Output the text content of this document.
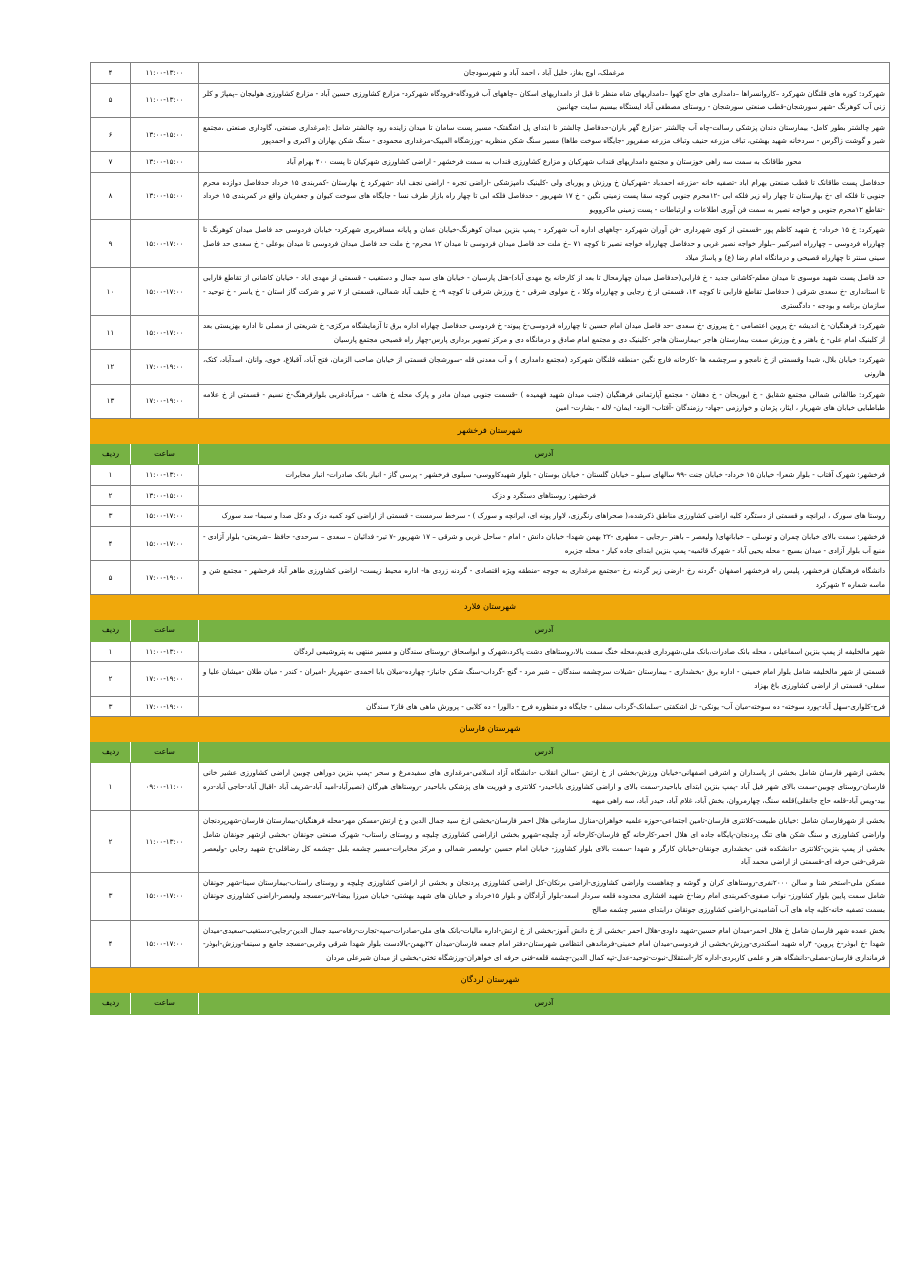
مرغملک، اوج بغاز، خلیل آباد ، احمد آباد و شهرسودجان	۱۱:۰۰-۱۳:۰۰	۴
شهرکرد: کوره های قلنگان شهرکرد –کاروانسراها –دامداری های حاج کهوا –دامداریهای شاه منظر تا قبل از دامداریهای اسکان –چاههای آب فرودگاه-فرودگاه شهرکرد- مزارع کشاورزی حسین آباد - مزارع کشاورزی هولیجان –پمپاژ و کلر زنی آب کوهرنگ -شهر سورشجان-قطب صنعتی سورشجان - روستای مصطفی آباد ایستگاه بیسیم سایت جهانبین	۱۱:۰۰-۱۳:۰۰	۵
شهر چالشتر بطور کامل- بیمارستان دندان پزشکی رسالت-چاه آب چالشتر -مزارع گهر باران-حدفاصل چالشتر تا ابتدای پل اشگفتک- مسیر پست سامان تا میدان زاینده رود چالشتر شامل :(مرغداری صنعتی، گاوداری صنعتی ،مجتمع شیر و گوشت زاگرس - سردخانه شهید بهشتی، تباف مزرعه حنیف وتباف مزرعه صفرپور -جایگاه سوخت طاها) مسیر سنگ شکن منظریه -ورزشگاه المپیک-مرغداری محمودی - سنگ شکن بهاران و اکبری و احمدپور	۱۳:۰۰-۱۵:۰۰	۶
محور طاقانک به سمت سه راهی خوزستان و مجتمع دامداریهای قنداب شهرکیان و مزارع کشاورزی قنداب به سمت فرخشهر - اراضی کشاورزی شهرکیان تا پست ۴۰۰ بهرام آباد	۱۳:۰۰-۱۵:۰۰	۷
حدفاصل پست طاقانک تا قطب صنعتی بهرام اباد -تصفیه خانه -مزرعه احمدباد -شهرکیان خ ورزش و پوربای ولی -کلینیک دامپزشکی -اراضی تجره - اراضی نجف اباد -شهرکرد خ بهارستان -کمربندی ۱۵ خرداد حدفاصل دوازده محرم جنوبی تا فلکه ای -خ بهارستان تا چهار راه زیر فلکه ابی -۱۲محرم جنوبی کوچه سقا پست زمینی نگین - خ ۱۷ شهریور - حدفاصل فلکه ابی تا چهار راه بازار طرف نسا - جایگاه های سوخت کیوان و جعفریان واقع در کمربندی ۱۵ خرداد -تقاطع ۱۲محرم جنوبی و خواجه نصیر به سمت فن آوری اطلاعات و ارتباطات - پست زمینی ماکروویو	۱۳:۰۰-۱۵:۰۰	۸
شهرکرد: خ ۱۵ خرداد- خ شهید کاظم پور -قسمتی از کوی شهرداری -فن آوران شهرکرد -چاههای اداره آب شهرکرد - پمپ بنزین میدان کوهرنگ-خیابان عمان و پایانه مسافربری شهرکرد- خیابان فردوسی حد فاصل میدان کوهرنگ تا چهارراه فردوسی – چهارراه امیرکبیر –بلوار خواجه نصیر غربی و حدفاصل چهارراه خواجه نصیر تا کوچه ۷۱ –خ ملت حد فاصل میدان فردوسی تا میدان ۱۲ محرم- خ ملت حد فاصل میدان فردوسی تا میدان بوعلی - خ سعدی حد فاصل سینی سنتر تا چهارراه قصیحی و درمانگاه امام رضا (ع) و پاساژ میلاد	۱۵:۰۰-۱۷:۰۰	۹
حد فاصل پست شهید موسوی تا میدان معلم-کاشانی جدید - خ فارابی(حدفاصل میدان چهارمحال تا بعد از کارخانه یخ مهدی آباد)-هتل پارسیان - خیابان های سید جمال و دستغیب - قسمتی از مهدی اباد - خیابان کاشانی از تقاطع فارابی تا استانداری -خ سعدی شرقی ( حدفاصل تقاطع فارابی تا کوچه ۱۴، قسمتی از خ رجایی و چهارراه وکلا ، خ مولوی شرقی - خ ورزش شرقی تا کوچه ۹- خ خلیف آباد شمالی، قسمتی از ۷ تیر و شرکت گاز استان - خ یاسر - خ توحید - سازمان برنامه و بودجه - دادگستری	۱۵:۰۰-۱۷:۰۰	۱۰
شهرکرد: فرهنگیان- خ اندیشه -خ پروین اعتصامی - خ پیروزی -خ سعدی -حد فاصل میدان امام حسین تا چهارراه فردوسی-خ پیوند- خ فردوسی حدفاصل چهاراه اداره برق تا آزمایشگاه مرکزی- خ شریعتی از مصلی تا اداره بهزیستی بعد از کلینیک امام علی- خ باهنر و خ ورزش سمت بیمارستان هاجر -بیمارستان هاجر -کلینیک دی و مجتمع امام صادق و درمانگاه دی و مرکز تصویر برداری پارس-چهار راه قصیحی مجتمع پارسیان	۱۵:۰۰-۱۷:۰۰	۱۱
شهرکرد: خیابان بلال، شیدا وقسمتی از خ نامجو و سرچشمه ها -کارخانه فارچ نگین -منطقه قلنگان شهرکرد (مجتمع دامداری ) و آب معدنی قله -سورشجان قسمتی از خیابان صاحب الزمان، فتح آباد، آقبلاغ، خوی، وانان، اسدآباد، کتک، هارونی	۱۷:۰۰-۱۹:۰۰	۱۲
شهرکرد: طالقانی شمالی مجتمع شقایق - خ ابوریحان - خ دهقان - مجتمع آپارتمانی فرهنگیان (جنب میدان شهید فهمیده ) -قسمت جنوبی میدان مادر و پارک محله خ هاتف - میرآبادغربی بلوارفرهنگ-خ نسیم - قسمتی از خ علامه طباطبایی خیابان های شهریار ، ایثار، پژمان و خوارزمی -جهاد- رزمندگان -آفتاب- الوند- ایمان- لاله - بشارت- امین	۱۷:۰۰-۱۹:۰۰	۱۳
شهرستان فرخشهر		
آدرس	ساعت	ردیف
فرخشهر: شهرک آفتاب - بلوار شعرا- خیابان ۱۵ خرداد- خیابان جنت -۹۹ سالهای سیلو – خیابان گلستان - خیابان بوستان - بلوار شهیدکاووسی- سیلوی فرخشهر - پرسی گاز - انبار بانک صادرات- انبار مخابرات	۱۱:۰۰-۱۳:۰۰	۱
فرخشهر: روستاهای دستگرد و دزک	۱۳:۰۰-۱۵:۰۰	۲
روستا های سورک ، ایرانچه و قسمتی از دستگرد کلیه اراضی کشاورزی مناطق ذکرشده،( صحراهای رنگرزی، لاوار پونه ای، ایرانچه و سورک ) - سرخط سرمست - قسمتی از اراضی کود کمبه دزک و دکل صدا و سیما- سد سورک	۱۵:۰۰-۱۷:۰۰	۳
فرخشهر: سمت بالای خیابان چمران و توسلی – خیابانهای( ولیعصر – باهنر –رجایی – مطهری -۲۲ بهمن شهدا- خیابان دانش - امام - ساحل غربی و شرقی – ۱۷ شهریور -۷ تیر- فدائیان – سعدی – سرحدی- حافظ –شریعتی- بلوار آزادی - منبع آب بلوار آزادی - میدان بسیج - محله یحیی آباد - شهرک قائمیه- پمپ بنزین ابتدای جاده کیار - محله جزیره	۱۵:۰۰-۱۷:۰۰	۴
دانشگاه فرهنگیان فرخشهر، پلیس راه فرخشهر اصفهان -گردنه رخ -ارضی زیر گردنه رخ -مجتمع مرغداری به جوجه -منطقه ویژه اقتصادی - گردنه زردی ها- اداره محیط زیست- اراضی کشاورزی طاهر آباد فرخشهر - مجتمع شن و ماسه شماره ۲ شهرکرد	۱۷:۰۰-۱۹:۰۰	۵
شهرستان فلارد		
آدرس	ساعت	ردیف
شهر مالخلیفه از پمپ بنزین اسماعیلی ، محله بانک صادرات،بانک ملی،شهرداری قدیم،محله خنگ سمت بالا،روستاهای دشت پاکرد،شهرک و ابواسحاق -روستای سندگان و مسیر منتهی به پتروشیمی لردگان	۱۱:۰۰-۱۳:۰۰	۱
قسمتی از شهر مالخلیفه شامل بلوار امام خمینی - اداره برق -بخشداری - بیمارستان -شیلات سرچشمه سندگان – شیر مرد - گنج -گرداب-سنگ شکن جانباز- چهارده-میلان بابا احمدی -شهریار -امیران - کندر - میان طلان -میشان علیا و سفلی- قسمتی از اراضی کشاورزی باغ بهزاد	۱۷:۰۰-۱۹:۰۰	۲
فرح-کلواری-سهل آباد-پورد سوخته- ده سوخته-میان آب- یونکی- تل اشکفتی -سلمانک-گرداب سفلی - جایگاه دو منظوره فرح - دالورا - ده کلابی - پرورش ماهی های فاز۲ سندگان	۱۷:۰۰-۱۹:۰۰	۳
شهرستان فارسان		
آدرس	ساعت	ردیف
بخشی ازشهر فارسان شامل بخشی از پاسداران و اشرفی اصفهانی-خیابان ورزش-بخشی از خ ارتش -سالن انقلاب -دانشگاه آزاد اسلامی-مرغداری های سفیدمرغ و سحر -پمپ بنزین دوراهی چوبین اراضی کشاورزی عشیر خانی فارسان-روستای چوبین-سمت بالای شهر فیل آباد -پمپ بنزین ابتدای باباحیدر-سمت بالای و اراضی کشاورزی باباحیدر- کلانتری و فوریت های پزشکی باباحیدر -روستاهای هیرگان (نصیرآباد-امید آباد-شریف آباد -اقبال آباد-حاجی آباد-دره بید-ویس آباد-قلعه حاج جانقلی)قلعه سنگ، چهارمروان، بخش آباد، غلام آباد، حیدر آباد، سه راهی میهه	۰۹:۰۰-۱۱:۰۰	۱
بخشی از شهرفارسان شامل :خیابان طبیعت-کلانتری فارسان-تامین اجتماعی-حوزه علمیه خواهران-منازل سازمانی هلال احمر فارسان-بخشی ازخ سید جمال الدین و خ ارتش-مسکن مهر-محله فرهنگیان-بیمارستان فارسان-شهرپردنجان واراضی کشاورزی و سنگ شکن های تنگ پردنجان-پایگاه جاده ای هلال احمر-کارخانه گچ فارسان-کارخانه آرد چلیچه-شهرو بخشی ازاراضی کشاورزی چلیچه و روستای راستاب- شهرک صنعتی جونقان -بخشی ازشهر جونقان شامل بخشی از پمپ بنزین-کلانتری -دانشکده فنی -بخشداری جونقان-خیابان کارگر و شهدا -سمت بالای بلوار کشاورز- خیابان امام حسین -ولیعصر شمالی و مرکز مخابرات-مسیر چشمه بلبل -چشمه کل رضاقلی-خ شهید رجایی -ولیعصر شرقی-فنی حرفه ای-قسمتی از اراضی محمد آباد	۱۱:۰۰-۱۳:۰۰	۲
مسکن ملی-استخر شنا و سالن ۲۰۰۰نفری-روستاهای کران و گوشه و چغاهست واراضی کشاورزی-اراضی برنکان-کل اراضی کشاورزی پردنجان و بخشی از اراضی کشاورزی چلیچه و روستای راستاب-بیمارستان سینا-شهر جونقان شامل سمت پایین بلوار کشاورز- نواب صفوی-کمربندی امام رضا-خ شهید افشاری محدوده قلعه سردار اسعد-بلوار آزادگان و بلوار ۱۵خرداد و خیابان های شهید بهشتی- خیابان میرزا بیضا-۷تیر-مسجد ولیعصر-اراضی کشاورزی جونقان بسمت تصفیه خانه-کلیه چاه های آب آشامیدنی-اراضی کشاورزی جونقان درابتدای مسیر چشمه صالح	۱۵:۰۰-۱۷:۰۰	۳
بخش عمده شهر فارسان شامل خ هلال احمر-میدان امام حسین-شهید داودی-هلال احمر -بخشی از خ دانش آموز-بخشی از خ ارتش-اداره مالیات-بانک های ملی-صادرات-سپه-تجارت-رفاه-سید جمال الدین-رجایی-دستغیب-سعیدی-میدان شهدا -خ ابوذر-خ پروین- ۴راه شهید اسکندری-ورزش-بخشی از فردوسی-میدان امام خمینی-فرماندهی انتظامی شهرستان-دفتر امام جمعه فارسان-میدان ۲۲بهمن-بالادست بلوار شهدا شرقی وغربی-مسجد جامع و سینما-ورزش-ابوذر-فرمانداری فارسان-مصلی-دانشگاه هنر و علمی کاربردی-اداره کار-استقلال-نبوت-توحید-عدل-تپه کمال الدین-چشمه قلعه-فنی حرفه ای خواهران-ورزشگاه تختی-بخشی از میدان شیرعلی مردان	۱۵:۰۰-۱۷:۰۰	۴
شهرستان لردگان		
آدرس	ساعت	ردیف
